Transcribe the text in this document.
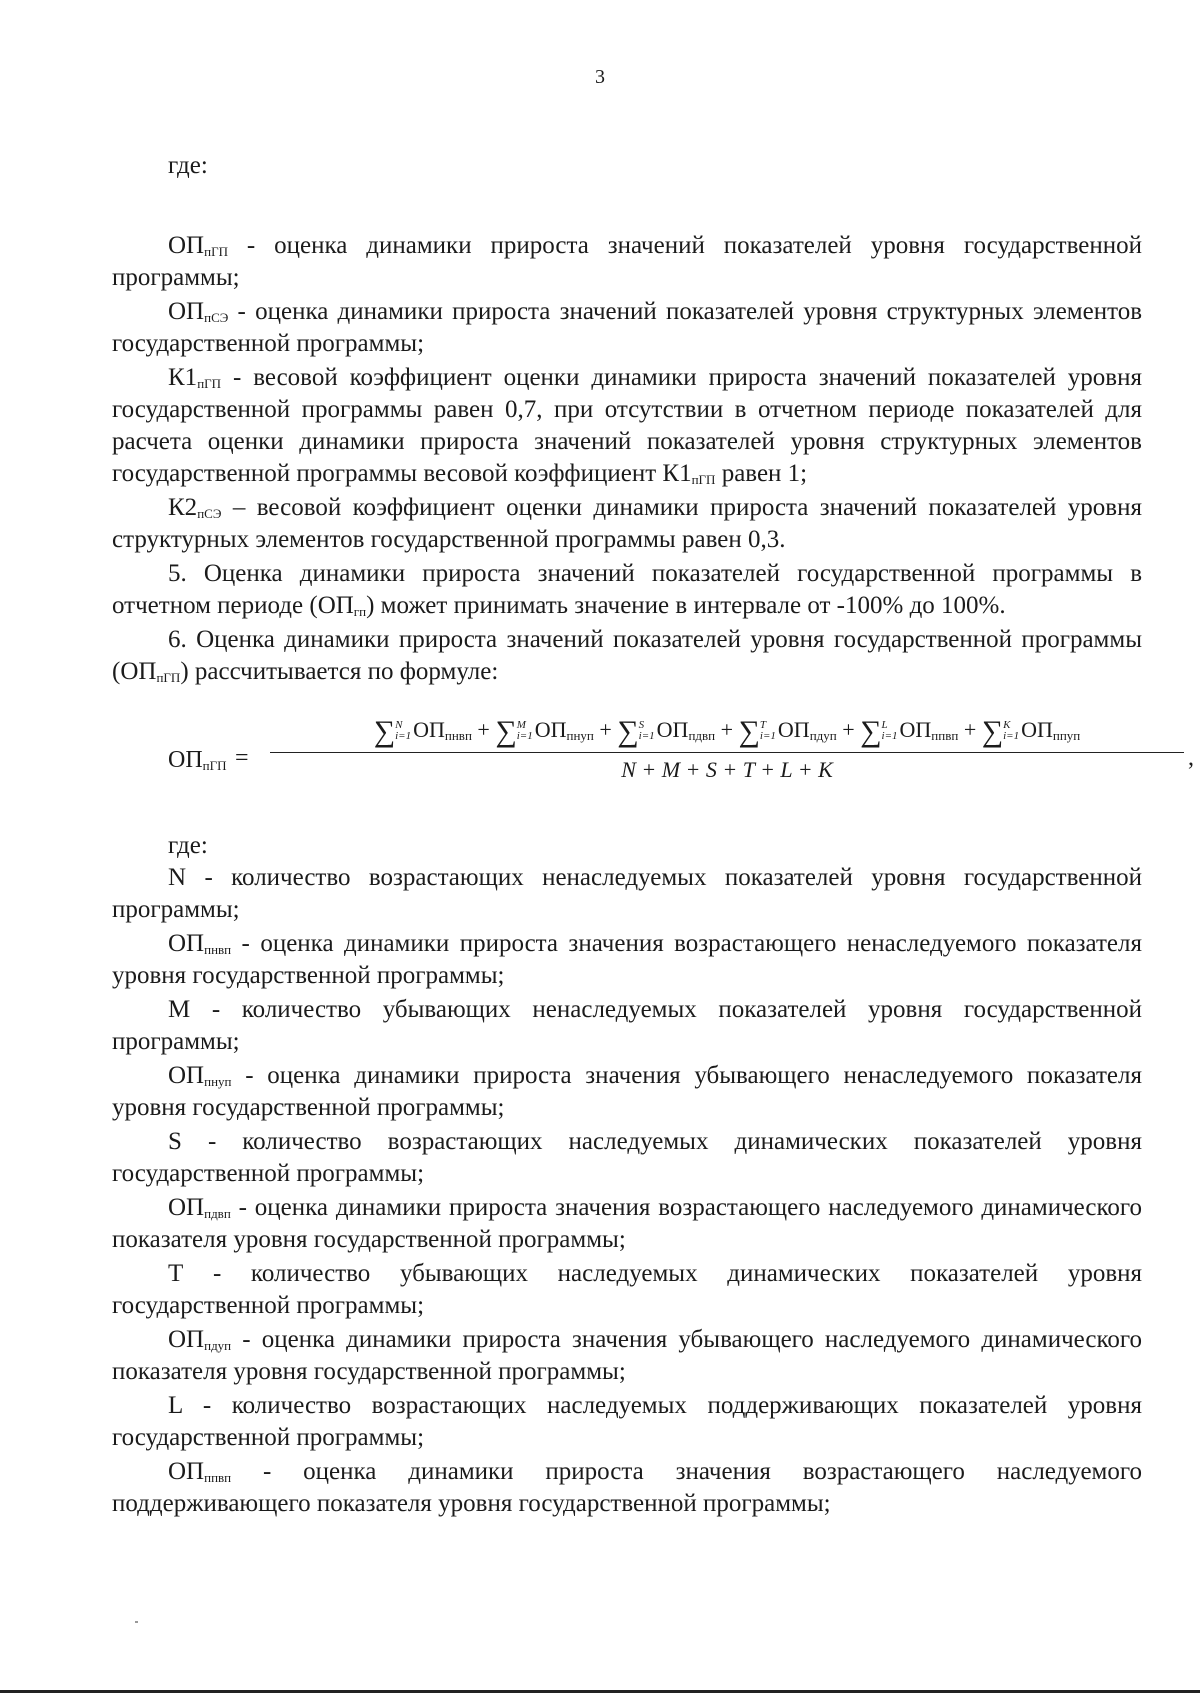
3

где:

$ОП_{пГП}$ - оценка динамики прироста значений показателей уровня государственной программы;

$ОП_{пСЭ}$ - оценка динамики прироста значений показателей уровня структурных элементов государственной программы;

$К1_{пГП}$ - весовой коэффициент оценки динамики прироста значений показателей уровня государственной программы равен 0,7, при отсутствии в отчетном периоде показателей для расчета оценки динамики прироста значений показателей уровня структурных элементов государственной программы весовой коэффициент $К1_{пГП}$ равен 1;

$К2_{пСЭ}$ – весовой коэффициент оценки динамики прироста значений показателей уровня структурных элементов государственной программы равен 0,3.

5. Оценка динамики прироста значений показателей государственной программы в отчетном периоде $(ОП_{гп})$ может принимать значение в интервале от -100% до 100%.

6. Оценка динамики прироста значений показателей уровня государственной программы $(ОП_{пГП})$ рассчитывается по формуле:

$ОП_{пГП}$ =
∑ N
i=1 $ОП_{пнвп}$ + ∑ M
i=1 $ОП_{пнуп}$ + ∑ S
i=1 $ОП_{пдвп}$ + ∑ T
i=1 $ОП_{пдуп}$ + ∑ L
i=1 $ОП_{ппвп}$ + ∑ K
i=1 $ОП_{ппуп}$
N + M + S + T + L + K	,

где:

N - количество возрастающих ненаследуемых показателей уровня государственной программы;

$ОП_{пнвп}$ - оценка динамики прироста значения возрастающего ненаследуемого показателя уровня государственной программы;

М - количество убывающих ненаследуемых показателей уровня государственной программы;

$ОП_{пнуп}$ - оценка динамики прироста значения убывающего ненаследуемого показателя уровня государственной программы;

S - количество возрастающих наследуемых динамических показателей уровня государственной программы;

$ОП_{пдвп}$ - оценка динамики прироста значения возрастающего наследуемого динамического показателя уровня государственной программы;

Т - количество убывающих наследуемых динамических показателей уровня государственной программы;

$ОП_{пдуп}$ - оценка динамики прироста значения убывающего наследуемого динамического показателя уровня государственной программы;

L - количество возрастающих наследуемых поддерживающих показателей уровня государственной программы;

$ОП_{ппвп}$ - оценка динамики прироста значения возрастающего наследуемого поддерживающего показателя уровня государственной программы;
